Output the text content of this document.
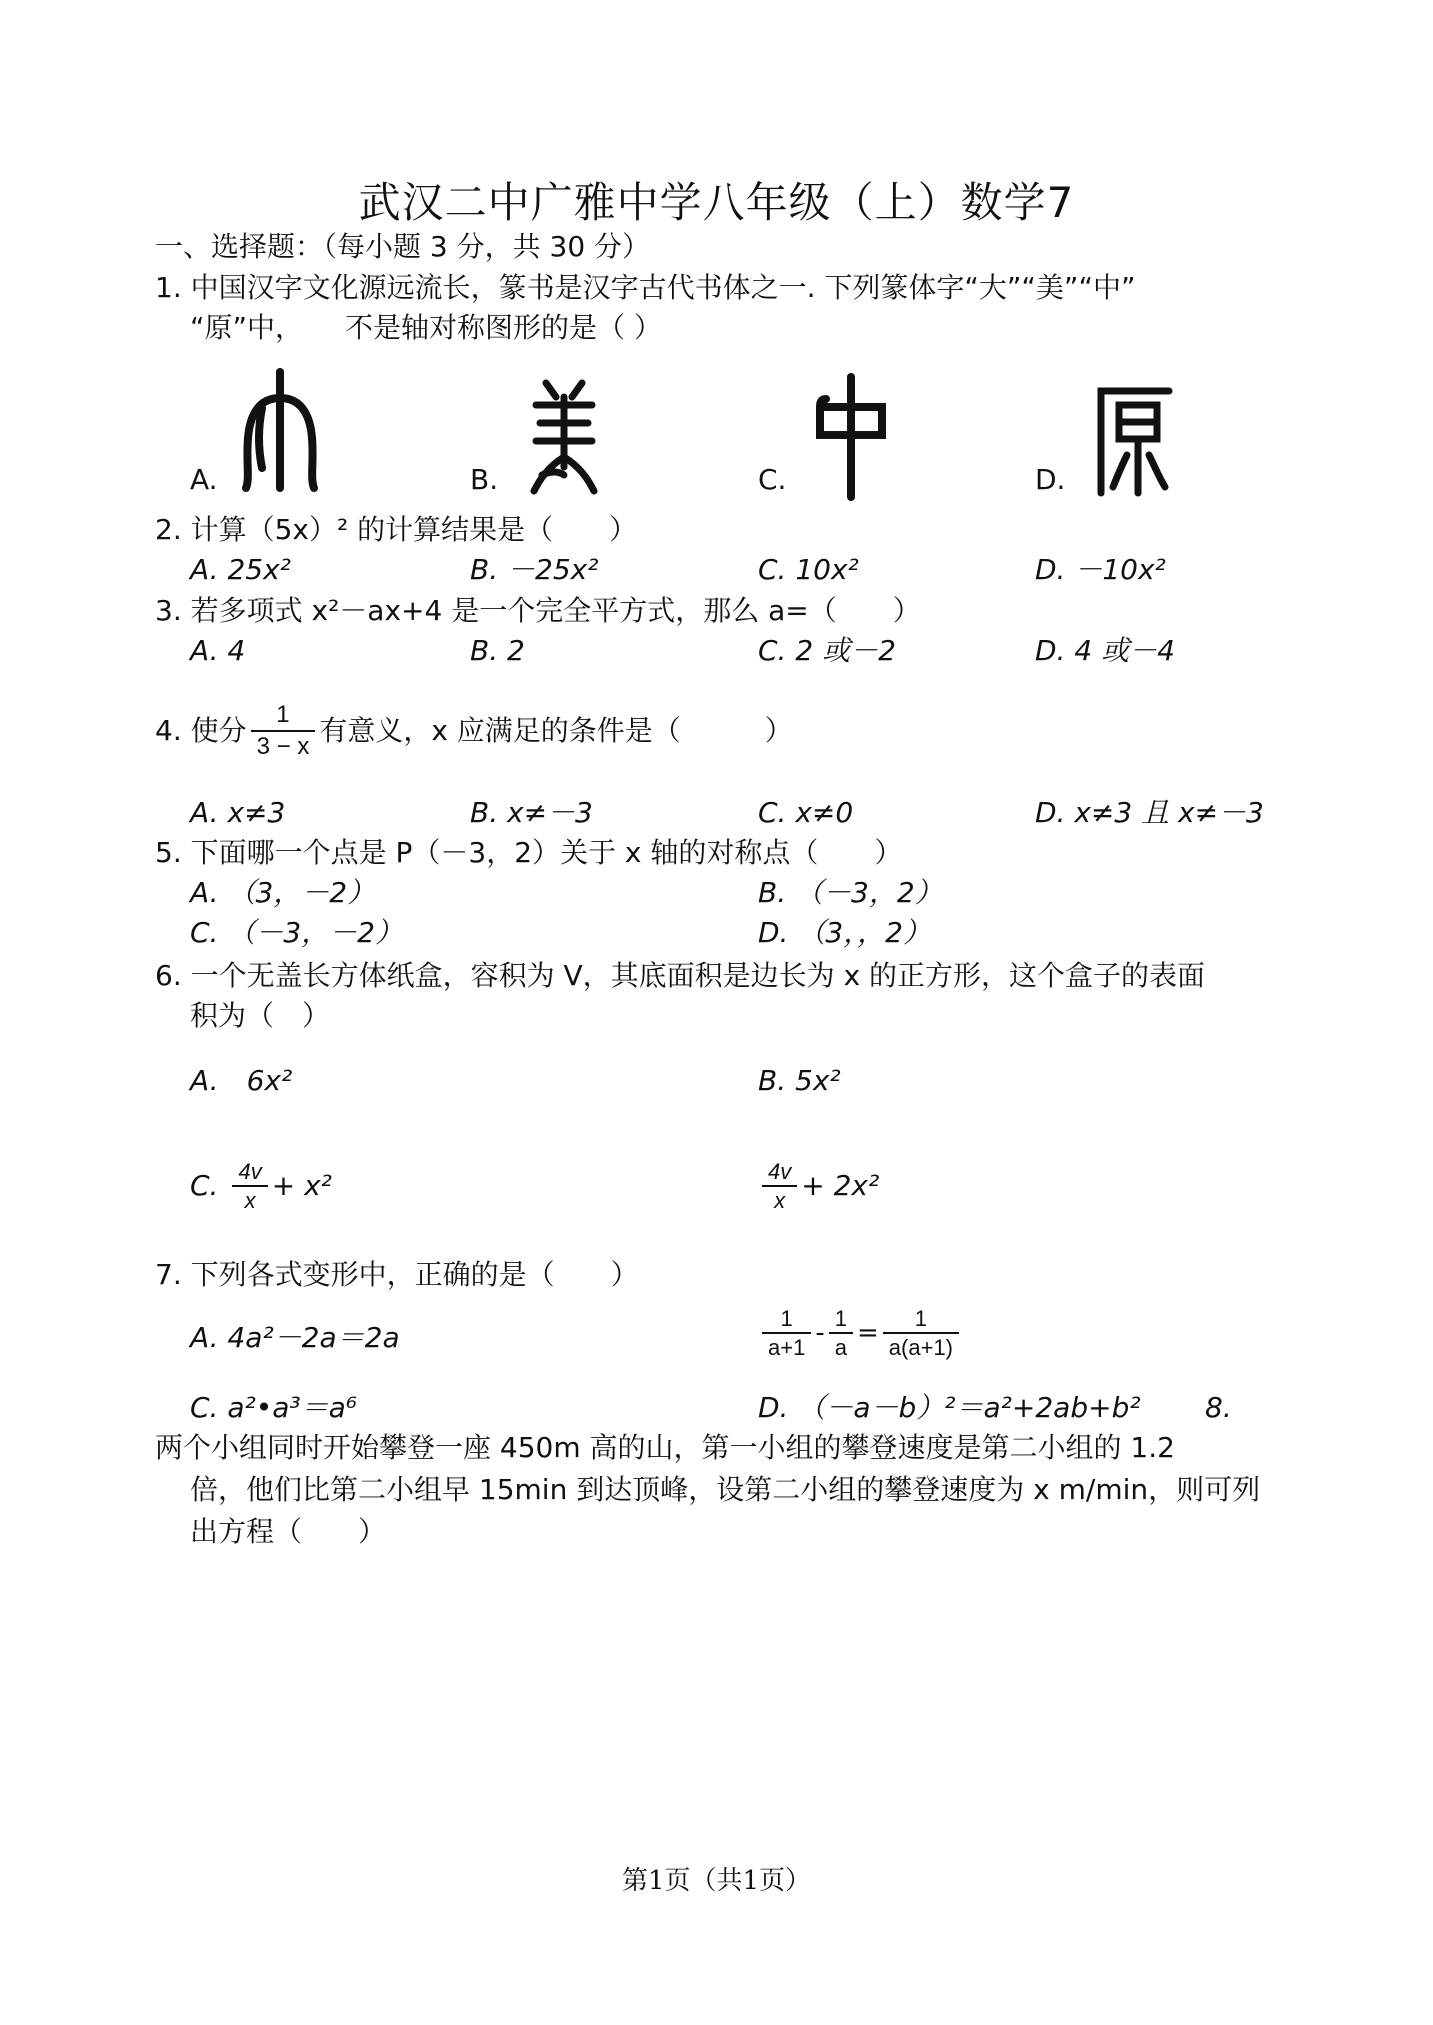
武汉二中广雅中学八年级（上）数学7
一、选择题：（每小题 3 分，共 30 分）
1. 中国汉字文化源远流长，篆书是汉字古代书体之一. 下列篆体字“大”“美”“中”
“原”中，　　不是轴对称图形的是（ ）
A.	B.	C.	D.
2. 计算（5x）² 的计算结果是（　　）
A. 25x²	B. －25x²	C. 10x²	D. －10x²
3. 若多项式 x²－ax+4 是一个完全平方式，那么 a=（　　）
A. 4	B. 2	C. 2 或－2	D. 4 或－4
4. 使分 $\frac{1}{3 - x}$ 有意义，x 应满足的条件是（　　　）
A. x≠3	B. x≠－3	C. x≠0	D. x≠3 且 x≠－3
5. 下面哪一个点是 P（－3，2）关于 x 轴的对称点（　　）
A. （3，－2）	B. （－3，2）
C. （－3，－2）	D. （3，，2）
6. 一个无盖长方体纸盒，容积为 V，其底面积是边长为 x 的正方形，这个盒子的表面
积为（　）
A.　6x²	B. 5x²
C. $\frac{4v}{x} + x^2$	$\frac{4v}{x} + 2x^2$
7. 下列各式变形中，正确的是（　　）
A. 4a²－2a＝2a	$\frac{1}{a+1} - \frac{1}{a} = \frac{1}{a(a+1)}$
C. a²•a³＝a⁶	D. （－a－b）²＝a²+2ab+b² 8.
两个小组同时开始攀登一座 450m 高的山，第一小组的攀登速度是第二小组的 1.2
倍，他们比第二小组早 15min 到达顶峰，设第二小组的攀登速度为 x m/min，则可列
出方程（　　）
第1页（共1页）
